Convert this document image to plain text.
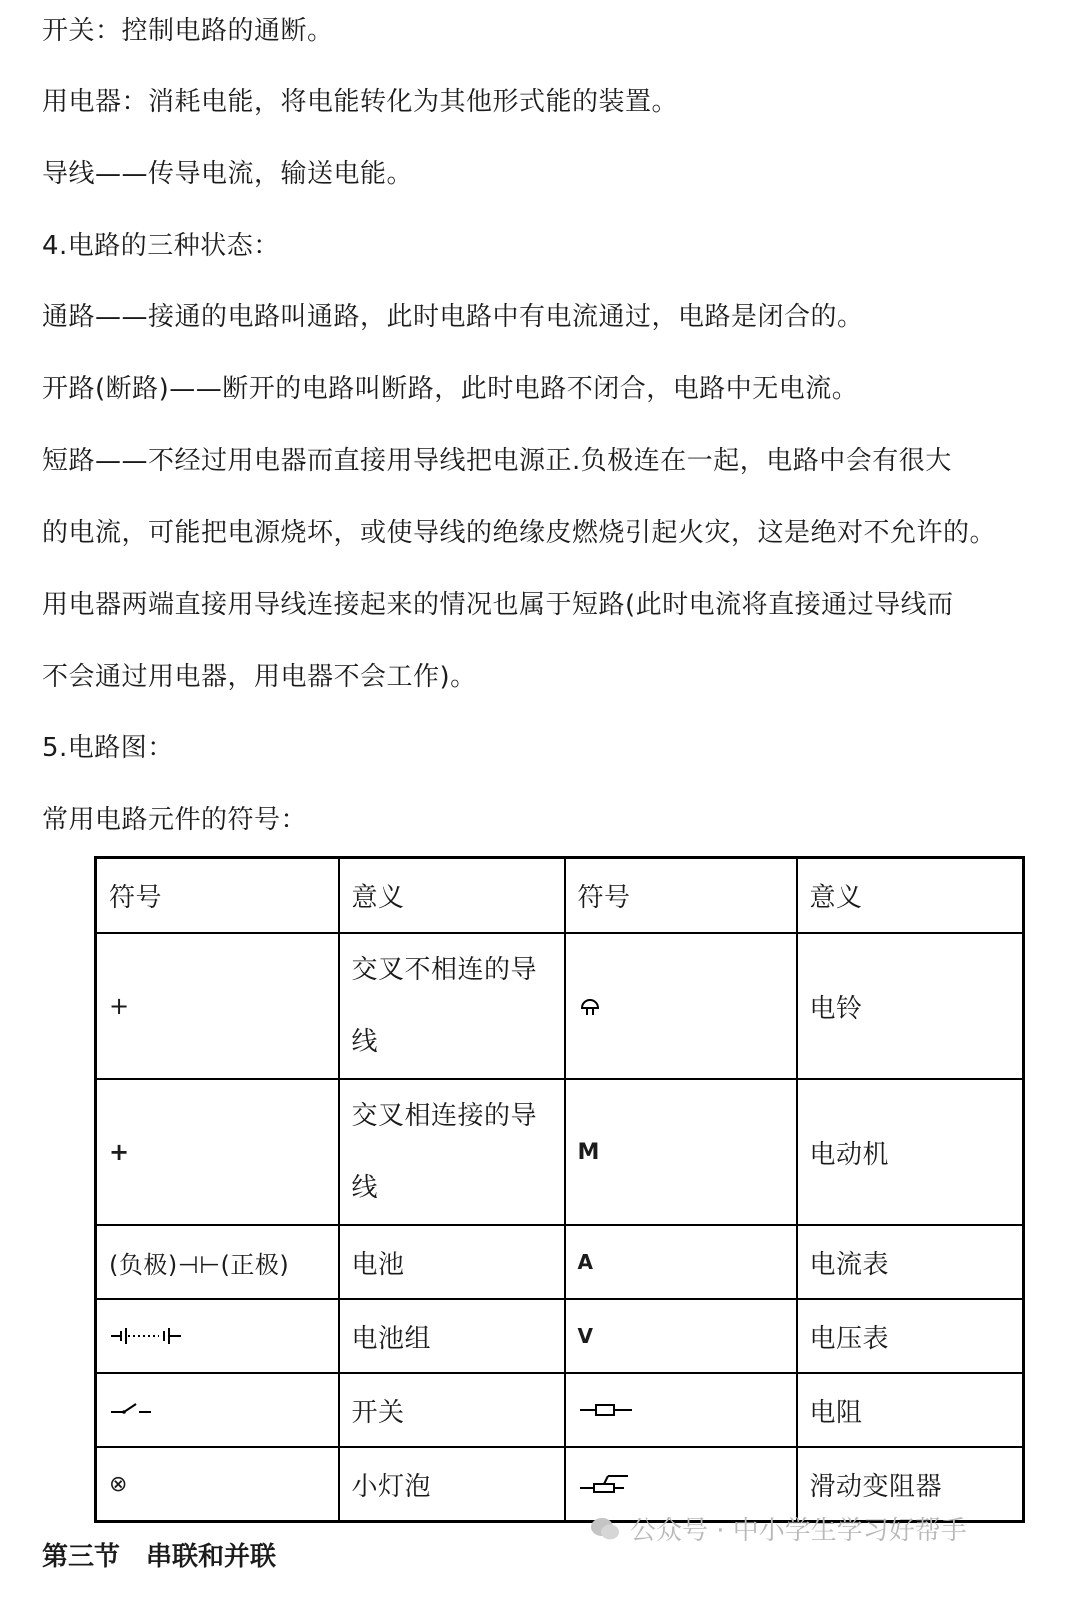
开关：控制电路的通断。
用电器：消耗电能，将电能转化为其他形式能的装置。
导线——传导电流，输送电能。
4.电路的三种状态：
通路——接通的电路叫通路，此时电路中有电流通过，电路是闭合的。
开路(断路)——断开的电路叫断路，此时电路不闭合，电路中无电流。
短路——不经过用电器而直接用导线把电源正.负极连在一起，电路中会有很大
的电流，可能把电源烧坏，或使导线的绝缘皮燃烧引起火灾，这是绝对不允许的。
用电器两端直接用导线连接起来的情况也属于短路(此时电流将直接通过导线而
不会通过用电器，用电器不会工作)。
5.电路图：
常用电路元件的符号：
符号	意义	符号	意义
+	交叉不相连的导线		电铃
+	交叉相连接的导线	M	电动机
(负极)⊣⊢(正极)	电池	A	电流表

	电池组	V	电压表

	开关		电阻
⊗	小灯泡		滑动变阻器
公众号 · 中小学生学习好帮手
第三节 串联和并联
